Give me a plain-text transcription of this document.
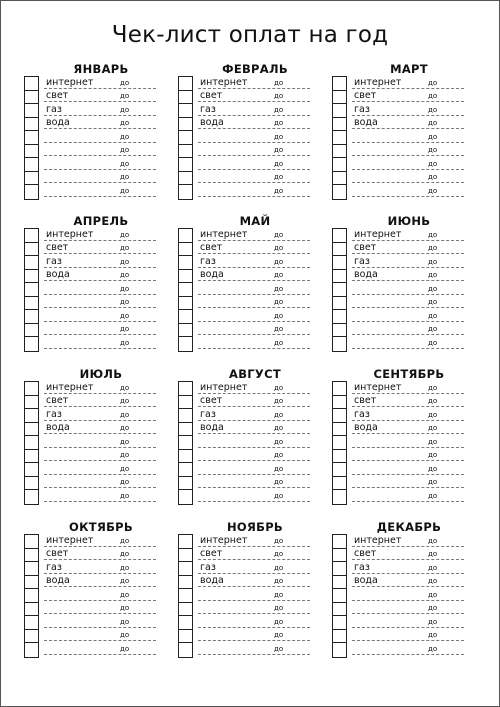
Чек-лист оплат на год
ЯНВАРЬ
интернет	до
свет	до
газ	до
вода	до
до
до
до
до
до
ФЕВРАЛЬ
интернет	до
свет	до
газ	до
вода	до
до
до
до
до
до
МАРТ
интернет	до
свет	до
газ	до
вода	до
до
до
до
до
до
АПРЕЛЬ
интернет	до
свет	до
газ	до
вода	до
до
до
до
до
до
МАЙ
интернет	до
свет	до
газ	до
вода	до
до
до
до
до
до
ИЮНЬ
интернет	до
свет	до
газ	до
вода	до
до
до
до
до
до
ИЮЛЬ
интернет	до
свет	до
газ	до
вода	до
до
до
до
до
до
АВГУСТ
интернет	до
свет	до
газ	до
вода	до
до
до
до
до
до
СЕНТЯБРЬ
интернет	до
свет	до
газ	до
вода	до
до
до
до
до
до
ОКТЯБРЬ
интернет	до
свет	до
газ	до
вода	до
до
до
до
до
до
НОЯБРЬ
интернет	до
свет	до
газ	до
вода	до
до
до
до
до
до
ДЕКАБРЬ
интернет	до
свет	до
газ	до
вода	до
до
до
до
до
до
